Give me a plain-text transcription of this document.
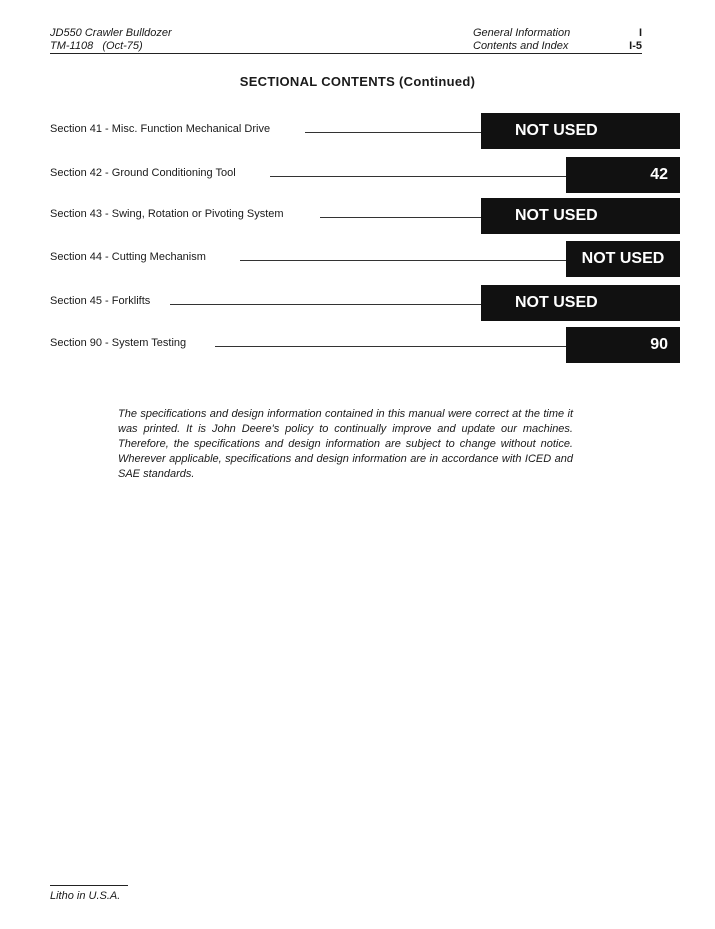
JD550 Crawler Bulldozer
TM-1108   (Oct-75)
General Information
Contents and Index
I
I-5
SECTIONAL CONTENTS (Continued)
Section 41 - Misc. Function Mechanical Drive	NOT USED
Section 42 - Ground Conditioning Tool	42
Section 43 - Swing, Rotation or Pivoting System	NOT USED
Section 44 - Cutting Mechanism	NOT USED
Section 45 - Forklifts	NOT USED
Section 90 - System Testing	90
The specifications and design information contained in this manual were correct at the time it was printed. It is John Deere's policy to continually improve and update our machines. Therefore, the specifications and design information are subject to change without notice. Wherever applicable, specifications and design information are in accordance with ICED and SAE standards.
Litho in U.S.A.
